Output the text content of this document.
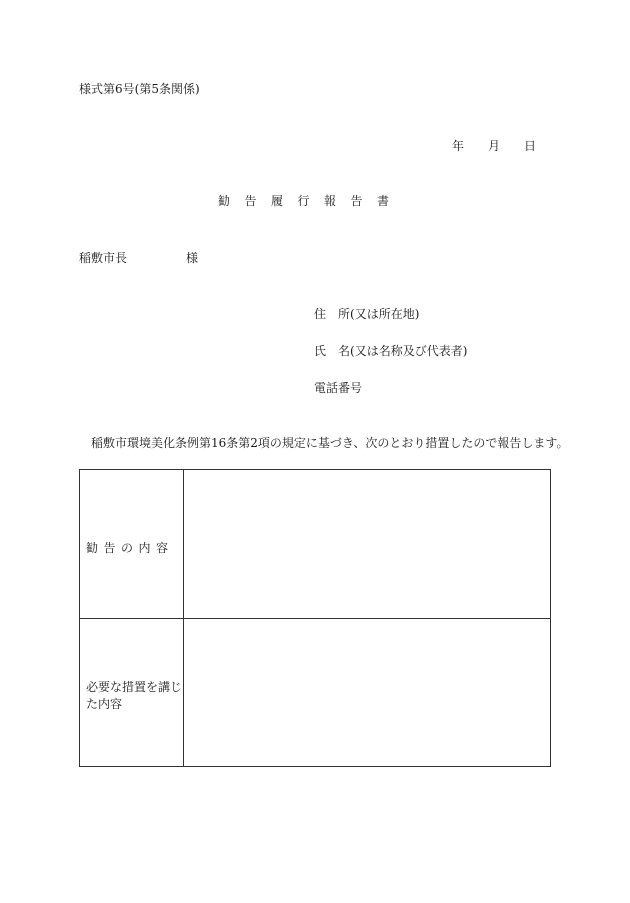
様式第6号(第5条関係)
年 月 日
勧告履行報告書
稲敷市長	様
住 所(又は所在地)
氏 名(又は名称及び代表者)
電話番号
稲敷市環境美化条例第16条第2項の規定に基づき、次のとおり措置したので報告します。
勧告の内容
必要な措置を講じた内容
